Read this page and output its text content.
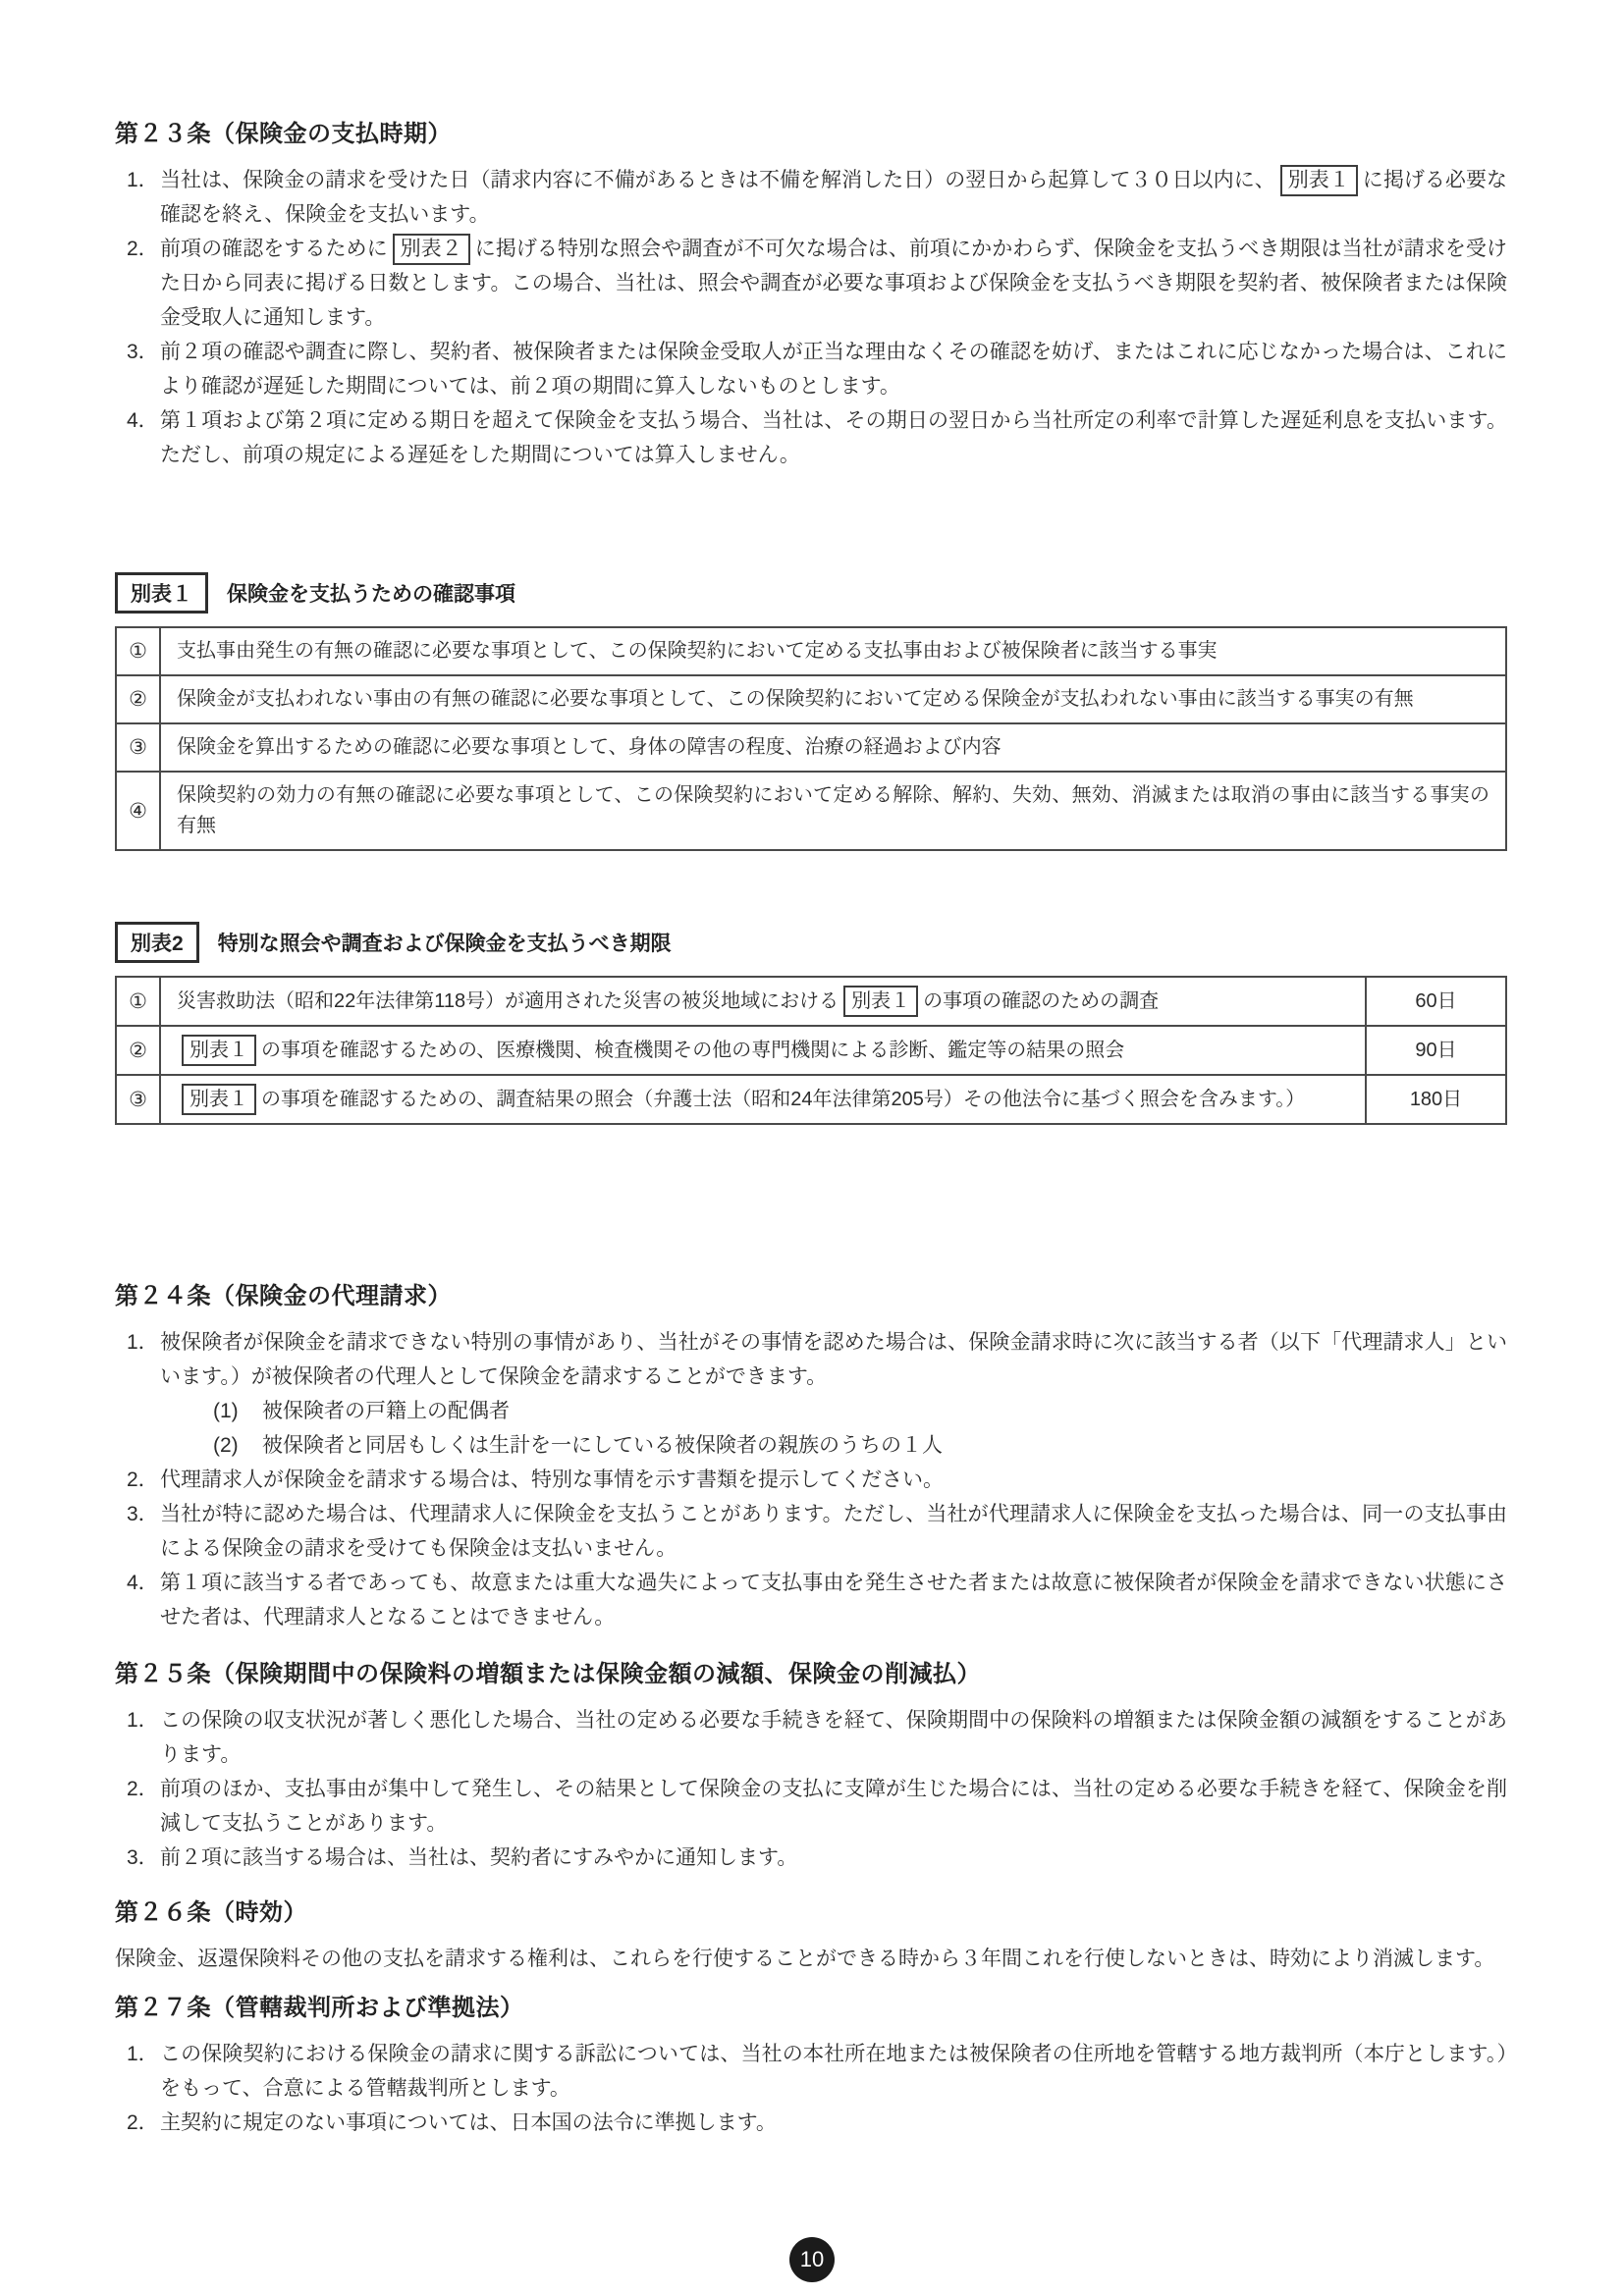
第２３条（保険金の支払時期）
1． 当社は、保険金の請求を受けた日（請求内容に不備があるときは不備を解消した日）の翌日から起算して３０日以内に、 別表１ に掲げる必要な確認を終え、保険金を支払います。
2． 前項の確認をするために 別表２ に掲げる特別な照会や調査が不可欠な場合は、前項にかかわらず、保険金を支払うべき期限は当社が請求を受けた日から同表に掲げる日数とします。この場合、当社は、照会や調査が必要な事項および保険金を支払うべき期限を契約者、被保険者または保険金受取人に通知します。
3． 前２項の確認や調査に際し、契約者、被保険者または保険金受取人が正当な理由なくその確認を妨げ、またはこれに応じなかった場合は、これにより確認が遅延した期間については、前２項の期間に算入しないものとします。
4． 第１項および第２項に定める期日を超えて保険金を支払う場合、当社は、その期日の翌日から当社所定の利率で計算した遅延利息を支払います。ただし、前項の規定による遅延をした期間については算入しません。
別表１	保険金を支払うための確認事項
①	支払事由発生の有無の確認に必要な事項として、この保険契約において定める支払事由および被保険者に該当する事実
②	保険金が支払われない事由の有無の確認に必要な事項として、この保険契約において定める保険金が支払われない事由に該当する事実の有無
③	保険金を算出するための確認に必要な事項として、身体の障害の程度、治療の経過および内容
④	保険契約の効力の有無の確認に必要な事項として、この保険契約において定める解除、解約、失効、無効、消滅または取消の事由に該当する事実の有無
別表2	特別な照会や調査および保険金を支払うべき期限
①	災害救助法（昭和22年法律第118号）が適用された災害の被災地域における 別表１ の事項の確認のための調査	60日
②	別表１ の事項を確認するための、医療機関、検査機関その他の専門機関による診断、鑑定等の結果の照会	90日
③	別表１ の事項を確認するための、調査結果の照会（弁護士法（昭和24年法律第205号）その他法令に基づく照会を含みます。）	180日
第２４条（保険金の代理請求）
1． 被保険者が保険金を請求できない特別の事情があり、当社がその事情を認めた場合は、保険金請求時に次に該当する者（以下「代理請求人」といいます。）が被保険者の代理人として保険金を請求することができます。
(1) 被保険者の戸籍上の配偶者
(2) 被保険者と同居もしくは生計を一にしている被保険者の親族のうちの１人
2． 代理請求人が保険金を請求する場合は、特別な事情を示す書類を提示してください。
3． 当社が特に認めた場合は、代理請求人に保険金を支払うことがあります。ただし、当社が代理請求人に保険金を支払った場合は、同一の支払事由による保険金の請求を受けても保険金は支払いません。
4． 第１項に該当する者であっても、故意または重大な過失によって支払事由を発生させた者または故意に被保険者が保険金を請求できない状態にさせた者は、代理請求人となることはできません。
第２５条（保険期間中の保険料の増額または保険金額の減額、保険金の削減払）
1． この保険の収支状況が著しく悪化した場合、当社の定める必要な手続きを経て、保険期間中の保険料の増額または保険金額の減額をすることがあります。
2． 前項のほか、支払事由が集中して発生し、その結果として保険金の支払に支障が生じた場合には、当社の定める必要な手続きを経て、保険金を削減して支払うことがあります。
3． 前２項に該当する場合は、当社は、契約者にすみやかに通知します。
第２６条（時効）

保険金、返還保険料その他の支払を請求する権利は、これらを行使することができる時から３年間これを行使しないときは、時効により消滅します。

第２７条（管轄裁判所および準拠法）
1． この保険契約における保険金の請求に関する訴訟については、当社の本社所在地または被保険者の住所地を管轄する地方裁判所（本庁とします。）をもって、合意による管轄裁判所とします。
2． 主契約に規定のない事項については、日本国の法令に準拠します。
10
